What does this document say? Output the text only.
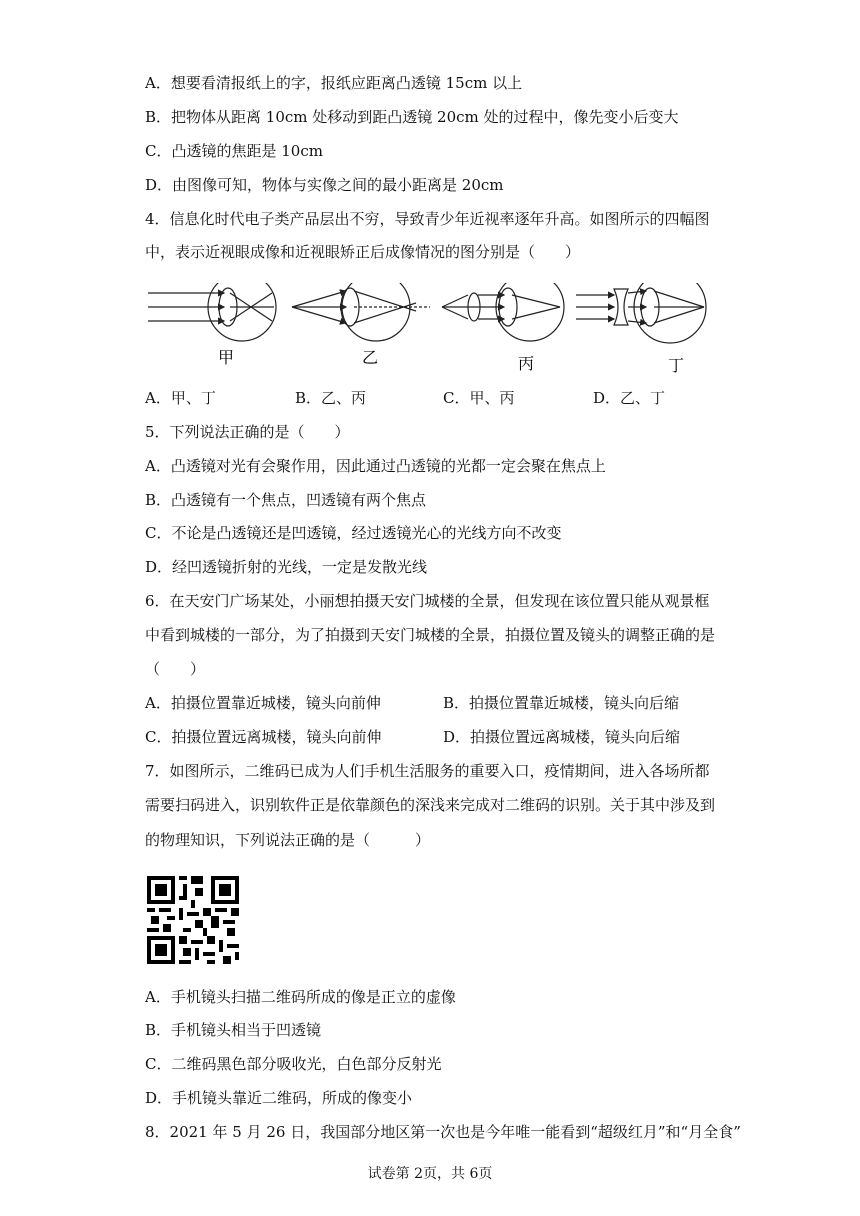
A．想要看清报纸上的字，报纸应距离凸透镜 15cm 以上
B．把物体从距离 10cm 处移动到距凸透镜 20cm 处的过程中，像先变小后变大
C．凸透镜的焦距是 10cm
D．由图像可知，物体与实像之间的最小距离是 20cm
4．信息化时代电子类产品层出不穷，导致青少年近视率逐年升高。如图所示的四幅图
中，表示近视眼成像和近视眼矫正后成像情况的图分别是（　　）
甲	乙	丙	丁
A．甲、丁	B．乙、丙	C．甲、丙	D．乙、丁
5．下列说法正确的是（　　）
A．凸透镜对光有会聚作用，因此通过凸透镜的光都一定会聚在焦点上
B．凸透镜有一个焦点，凹透镜有两个焦点
C．不论是凸透镜还是凹透镜，经过透镜光心的光线方向不改变
D．经凹透镜折射的光线，一定是发散光线
6．在天安门广场某处，小丽想拍摄天安门城楼的全景，但发现在该位置只能从观景框
中看到城楼的一部分，为了拍摄到天安门城楼的全景，拍摄位置及镜头的调整正确的是
（　　）
A．拍摄位置靠近城楼，镜头向前伸	B．拍摄位置靠近城楼，镜头向后缩
C．拍摄位置远离城楼，镜头向前伸	D．拍摄位置远离城楼，镜头向后缩
7．如图所示，二维码已成为人们手机生活服务的重要入口，疫情期间，进入各场所都
需要扫码进入，识别软件正是依靠颜色的深浅来完成对二维码的识别。关于其中涉及到
的物理知识，下列说法正确的是（　　　）
A．手机镜头扫描二维码所成的像是正立的虚像
B．手机镜头相当于凹透镜
C．二维码黑色部分吸收光，白色部分反射光
D．手机镜头靠近二维码，所成的像变小
8．2021 年 5 月 26 日，我国部分地区第一次也是今年唯一能看到“超级红月”和“月全食”
试卷第 2页，共 6页
